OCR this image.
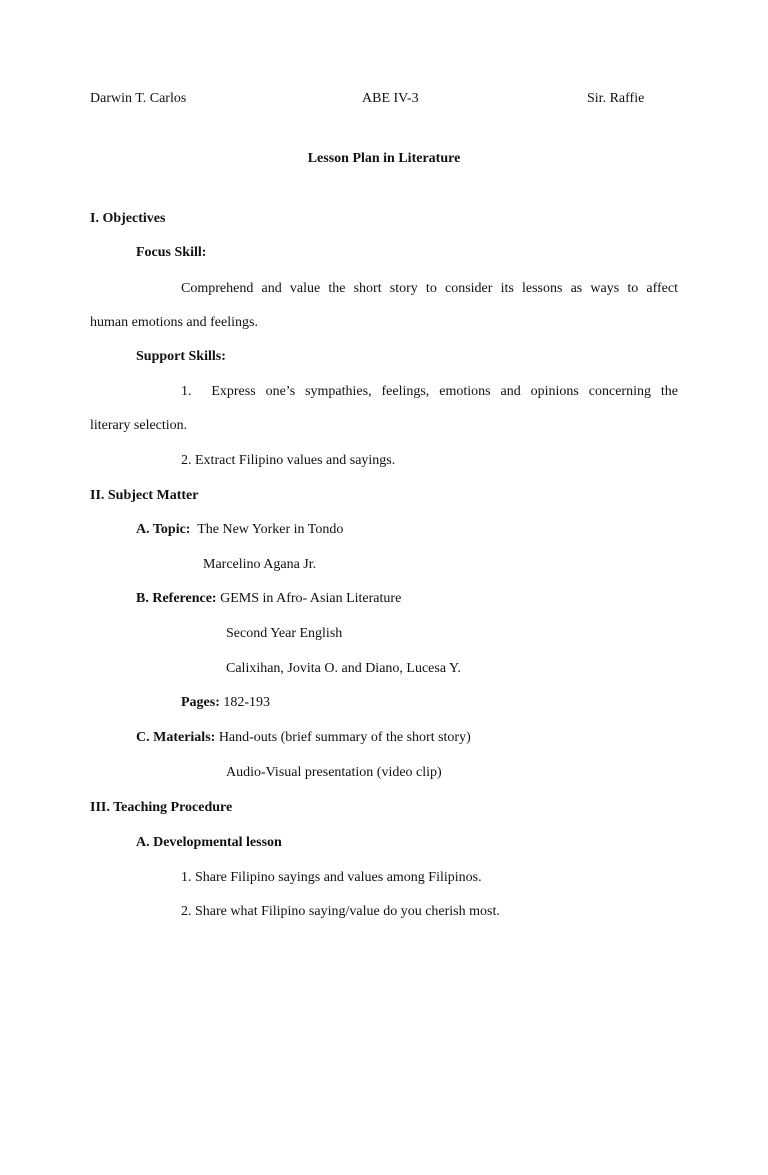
Darwin T. Carlos	ABE IV-3	Sir. Raffie
Lesson Plan in Literature
I. Objectives
Focus Skill:
Comprehend and value the short story to consider its lessons as ways to affect
human emotions and feelings.
Support Skills:
1.  Express one’s sympathies, feelings, emotions and opinions concerning the
literary selection.
2. Extract Filipino values and sayings.
II. Subject Matter
A. Topic: The New Yorker in Tondo
Marcelino Agana Jr.
B. Reference: GEMS in Afro- Asian Literature
Second Year English
Calixihan, Jovita O. and Diano, Lucesa Y.
Pages: 182-193
C. Materials: Hand-outs (brief summary of the short story)
Audio-Visual presentation (video clip)
III. Teaching Procedure
A. Developmental lesson
1. Share Filipino sayings and values among Filipinos.
2. Share what Filipino saying/value do you cherish most.
